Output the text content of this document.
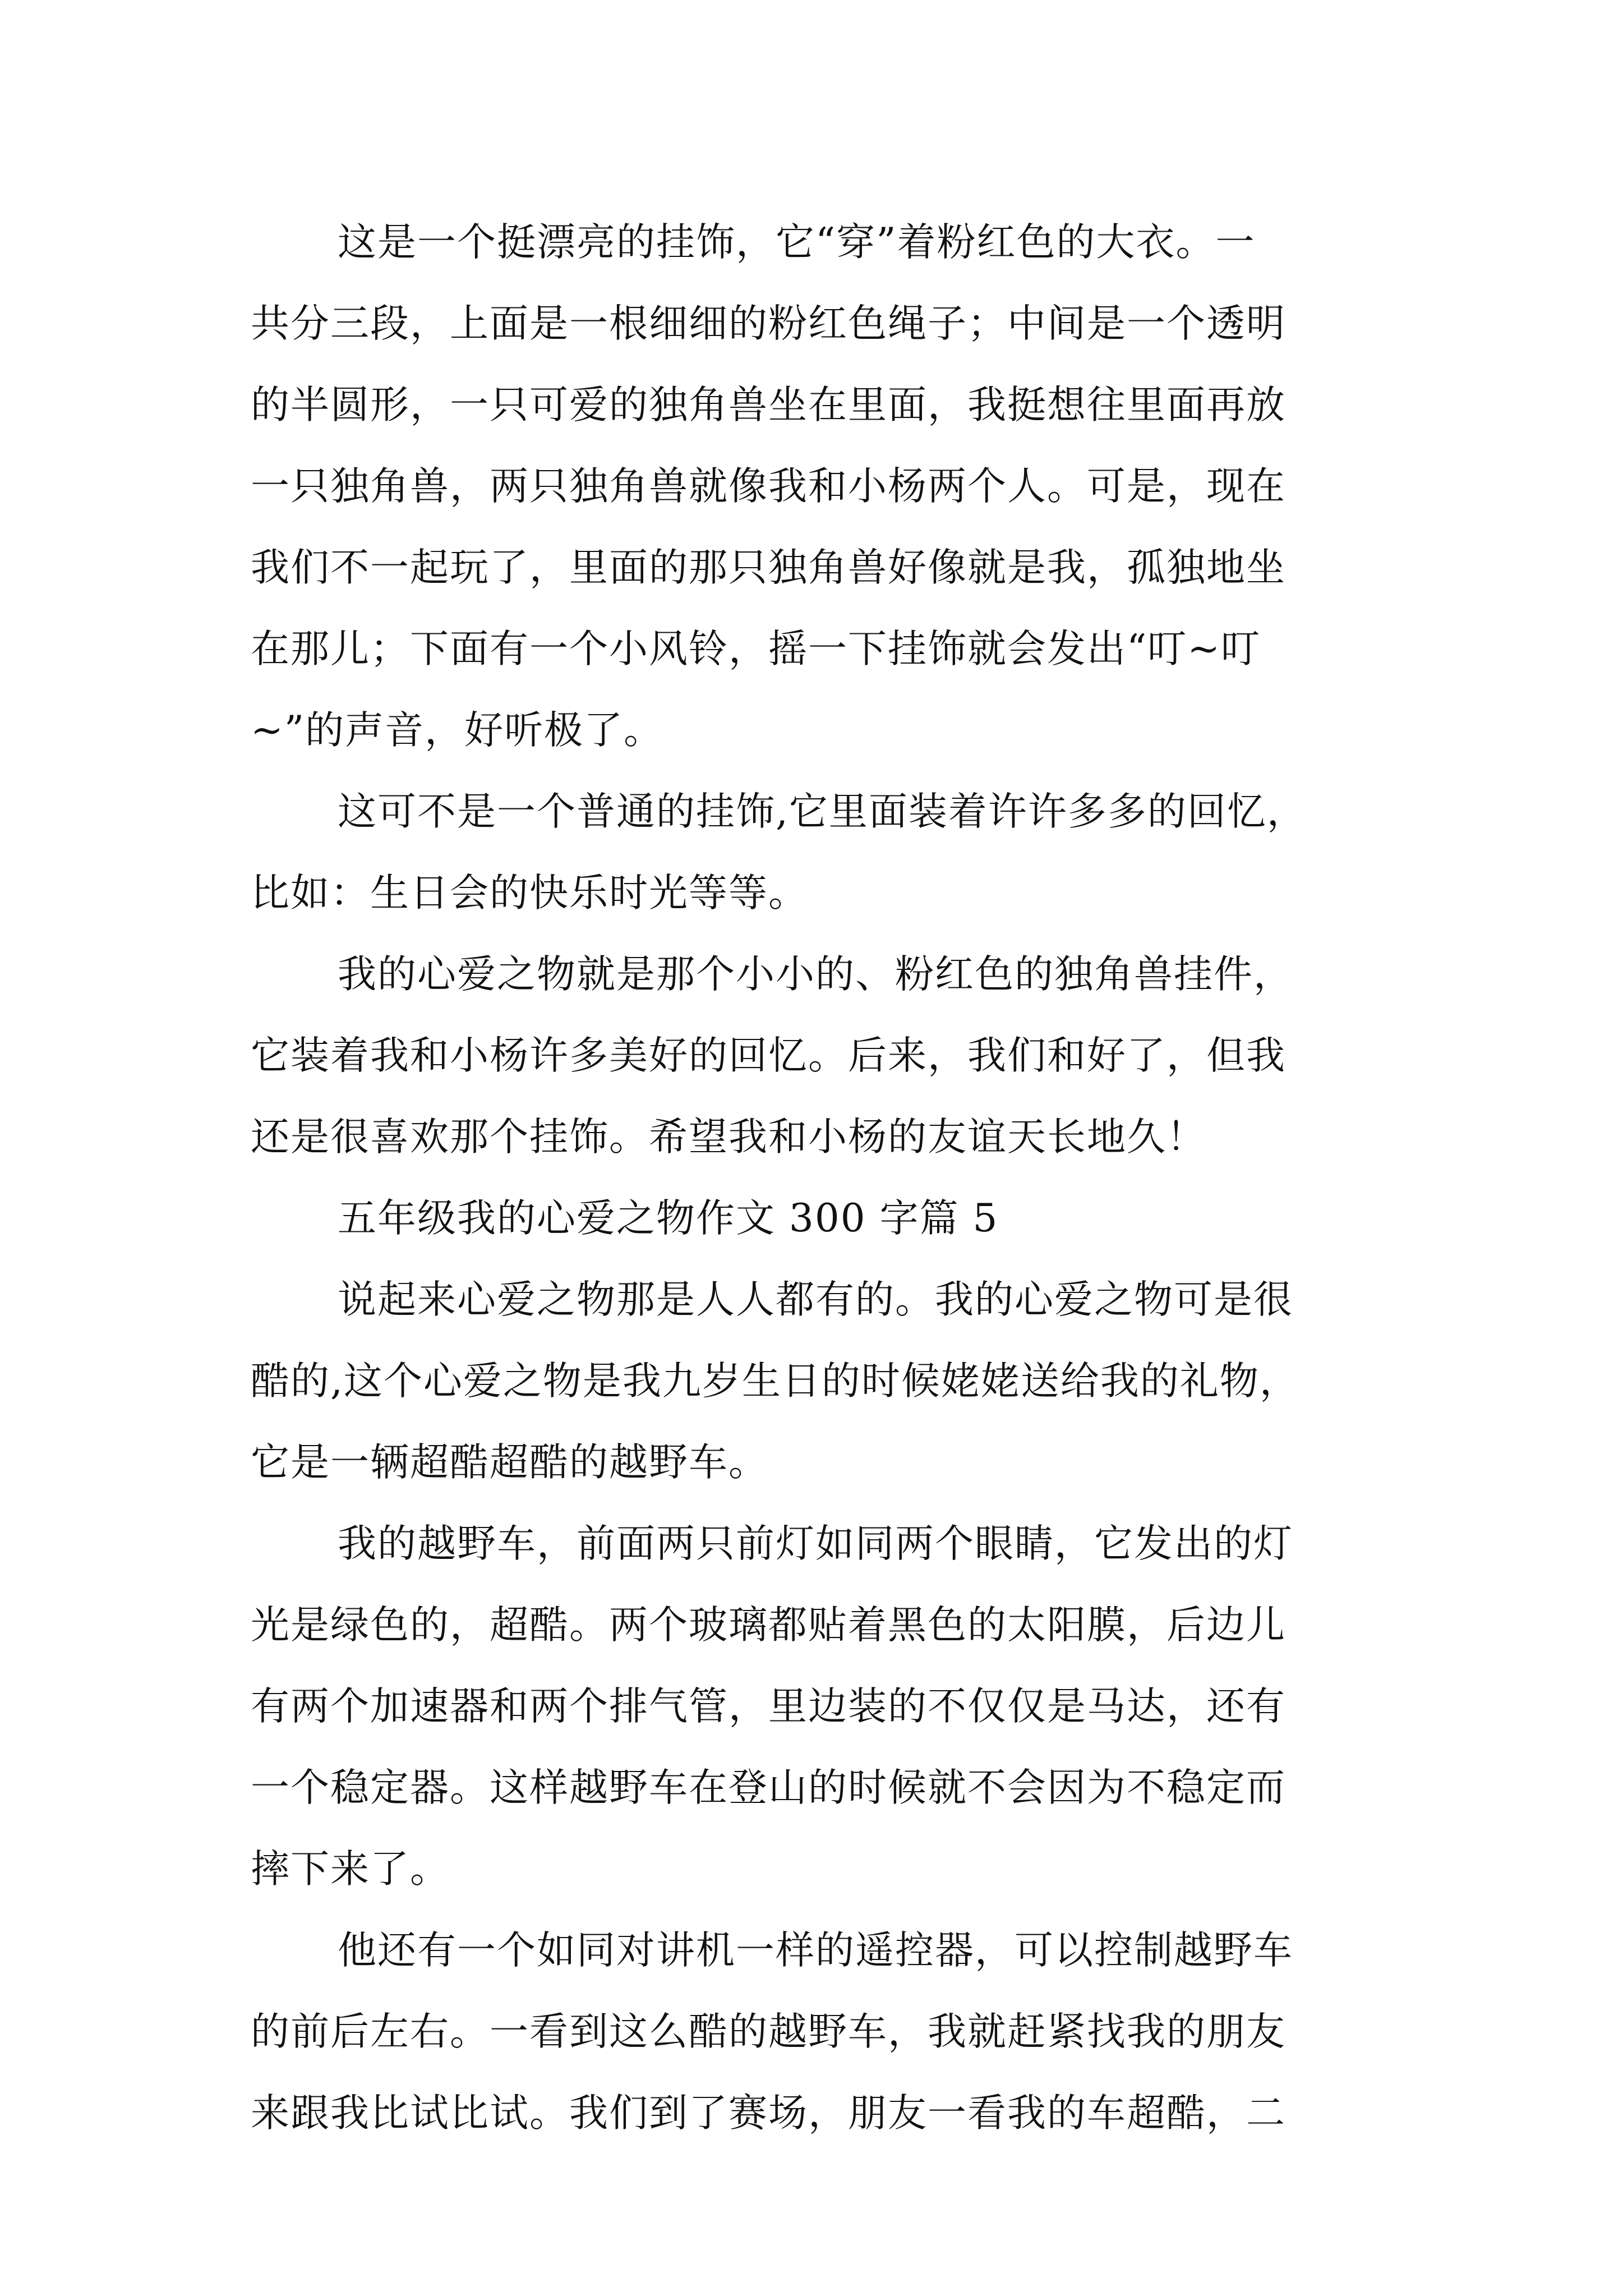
这是一个挺漂亮的挂饰，它“穿”着粉红色的大衣。一
共分三段，上面是一根细细的粉红色绳子；中间是一个透明
的半圆形，一只可爱的独角兽坐在里面，我挺想往里面再放
一只独角兽，两只独角兽就像我和小杨两个人。可是，现在
我们不一起玩了，里面的那只独角兽好像就是我，孤独地坐
在那儿；下面有一个小风铃，摇一下挂饰就会发出“叮~叮
~”的声音，好听极了。
这可不是一个普通的挂饰,它里面装着许许多多的回忆，
比如：生日会的快乐时光等等。
我的心爱之物就是那个小小的、粉红色的独角兽挂件，
它装着我和小杨许多美好的回忆。后来，我们和好了，但我
还是很喜欢那个挂饰。希望我和小杨的友谊天长地久！
五年级我的心爱之物作文 300 字篇 5
说起来心爱之物那是人人都有的。我的心爱之物可是很
酷的,这个心爱之物是我九岁生日的时候姥姥送给我的礼物，
它是一辆超酷超酷的越野车。
我的越野车，前面两只前灯如同两个眼睛，它发出的灯
光是绿色的，超酷。两个玻璃都贴着黑色的太阳膜，后边儿
有两个加速器和两个排气管，里边装的不仅仅是马达，还有
一个稳定器。这样越野车在登山的时候就不会因为不稳定而
摔下来了。
他还有一个如同对讲机一样的遥控器，可以控制越野车
的前后左右。一看到这么酷的越野车，我就赶紧找我的朋友
来跟我比试比试。我们到了赛场，朋友一看我的车超酷，二
